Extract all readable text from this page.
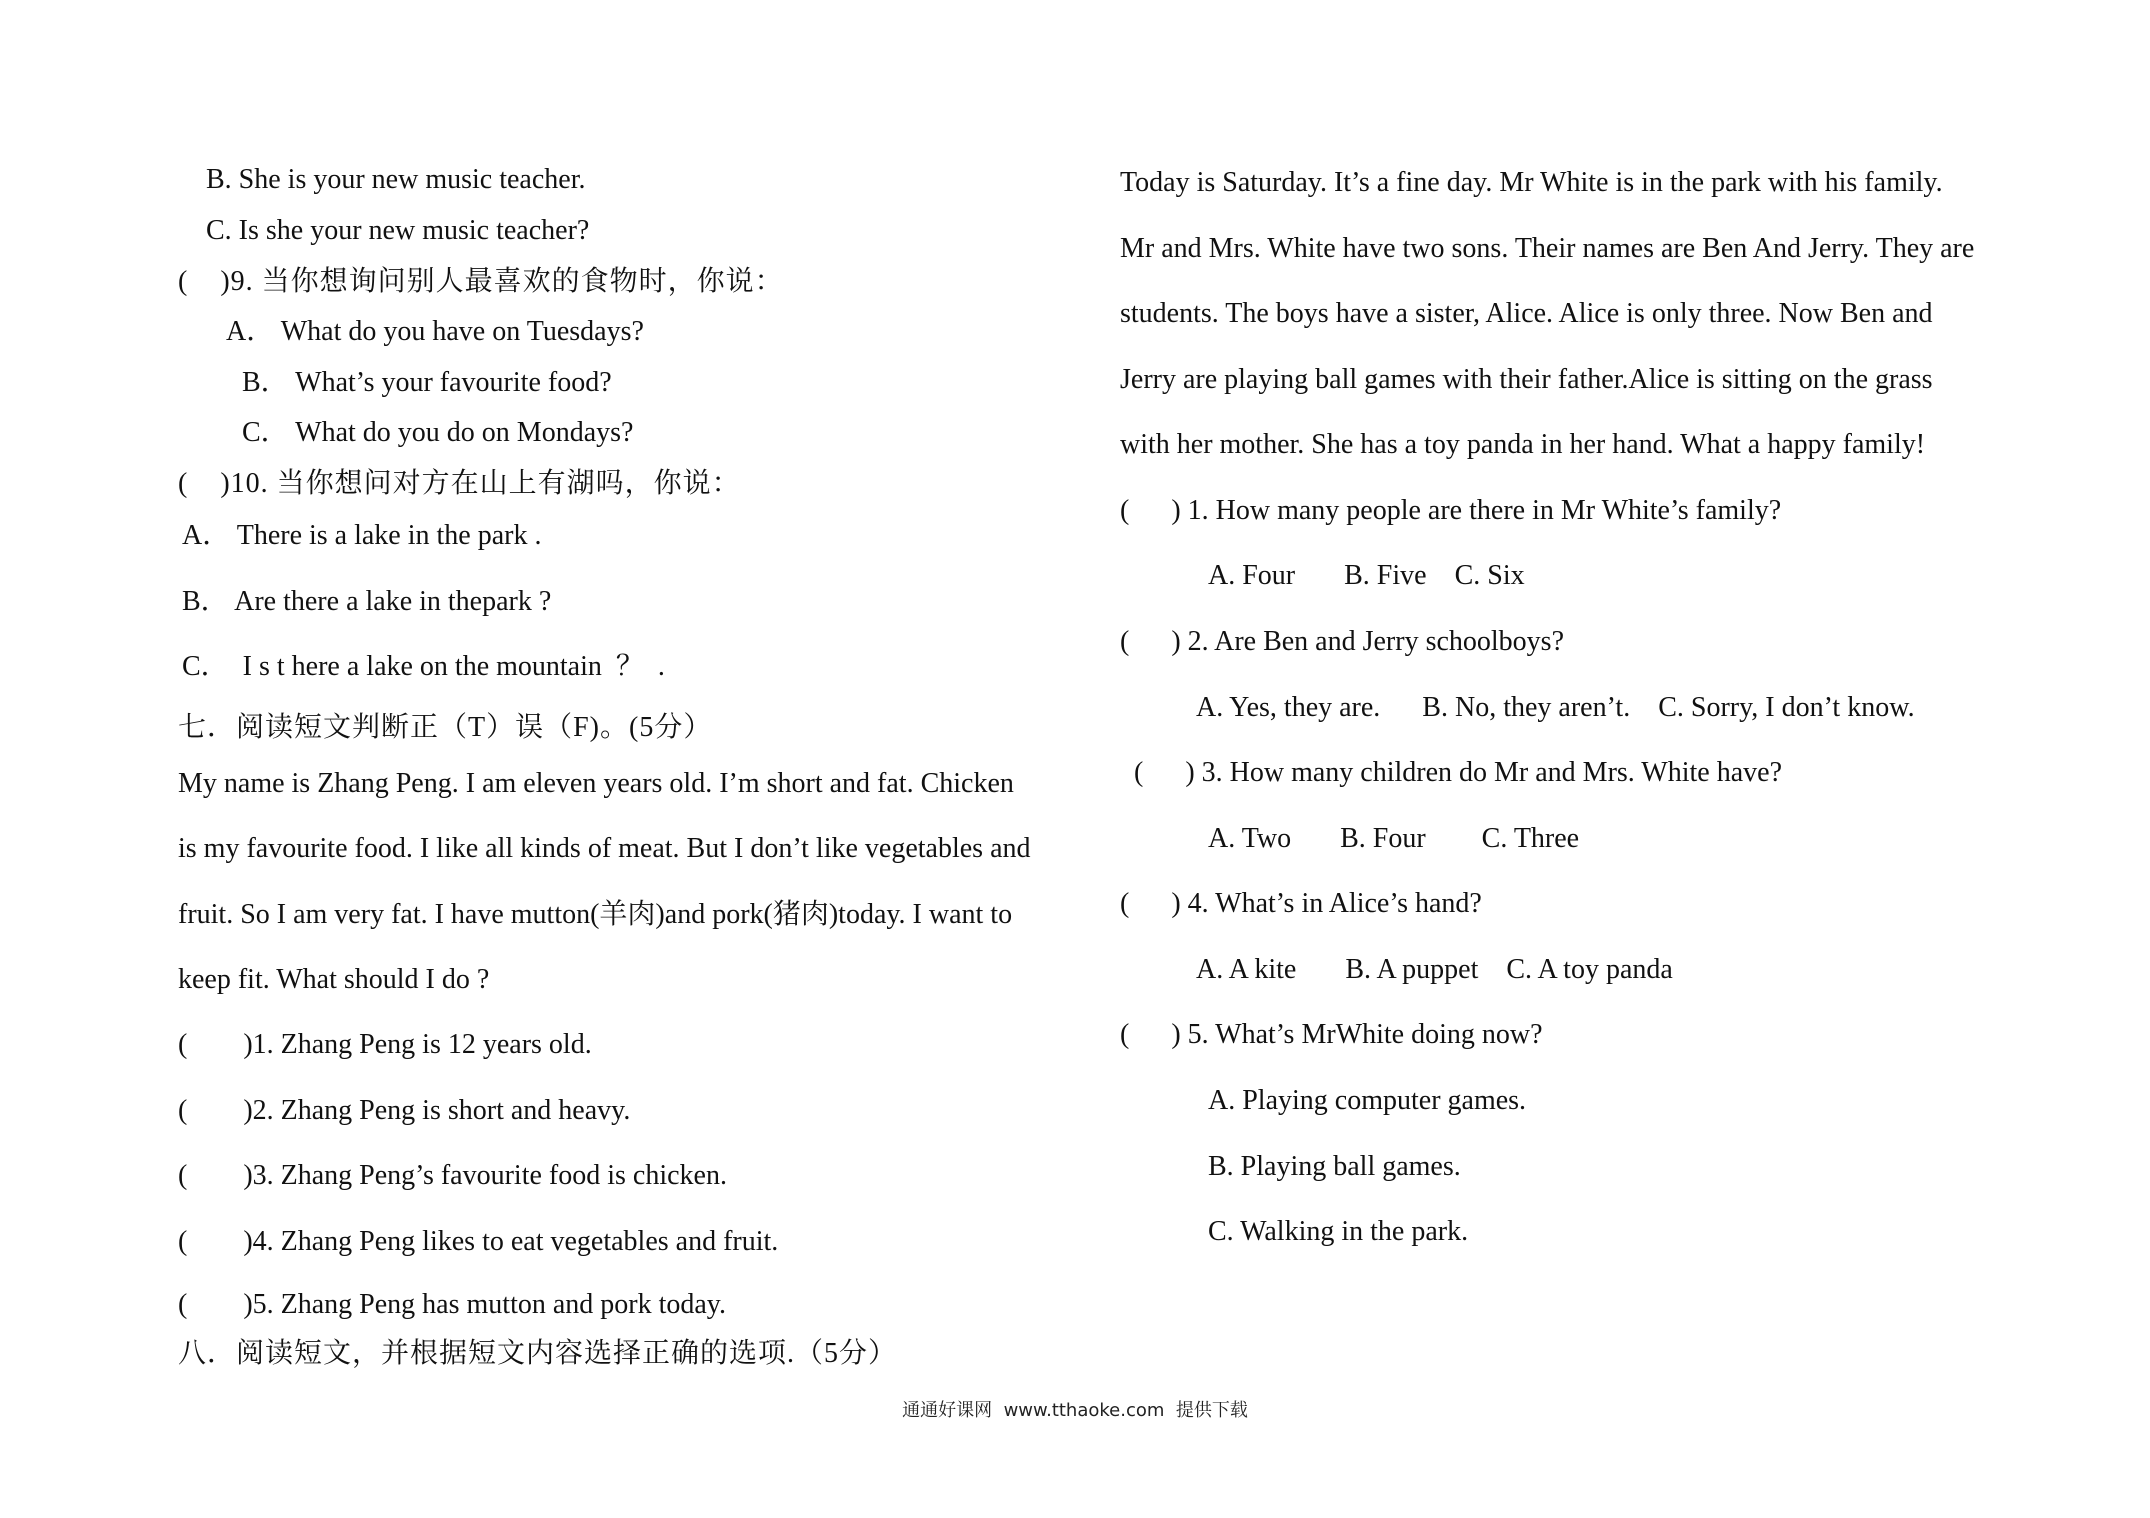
B. She is your new music teacher.
C. Is she your new music teacher?
(    )9. 当你想询问别人最喜欢的食物时，你说：
A． What do you have on Tuesdays?
B． What’s your favourite food?
C． What do you do on Mondays?
(    )10. 当你想问对方在山上有湖吗，你说：
A． There is a lake in the park .
B． Are there a lake in thepark ?
C．  I s t here a lake on the mountain  ？  .
七．阅读短文判断正（T）误（F)。(5分）
My name is Zhang Peng. I am eleven years old. I’m short and fat. Chicken
is my favourite food. I like all kinds of meat. But I don’t like vegetables and
fruit. So I am very fat. I have mutton(羊肉)and pork(猪肉)today. I want to
keep fit. What should I do ?
(        )1. Zhang Peng is 12 years old.
(        )2. Zhang Peng is short and heavy.
(        )3. Zhang Peng’s favourite food is chicken.
(        )4. Zhang Peng likes to eat vegetables and fruit.
(        )5. Zhang Peng has mutton and pork today.
八．阅读短文，并根据短文内容选择正确的选项.（5分）
Today is Saturday. It’s a fine day. Mr White is in the park with his family.
Mr and Mrs. White have two sons. Their names are Ben And Jerry. They are
students. The boys have a sister, Alice. Alice is only three. Now Ben and
Jerry are playing ball games with their father.Alice is sitting on the grass
with her mother. She has a toy panda in her hand. What a happy family!
(      ) 1. How many people are there in Mr White’s family?
A. Four       B. Five    C. Six
(      ) 2. Are Ben and Jerry schoolboys?
A. Yes, they are.      B. No, they aren’t.    C. Sorry, I don’t know.
(      ) 3. How many children do Mr and Mrs. White have?
A. Two       B. Four        C. Three
(      ) 4. What’s in Alice’s hand?
A. A kite       B. A puppet    C. A toy panda
(      ) 5. What’s MrWhite doing now?
A. Playing computer games.
B. Playing ball games.
C. Walking in the park.
通通好课网  www.tthaoke.com  提供下载
